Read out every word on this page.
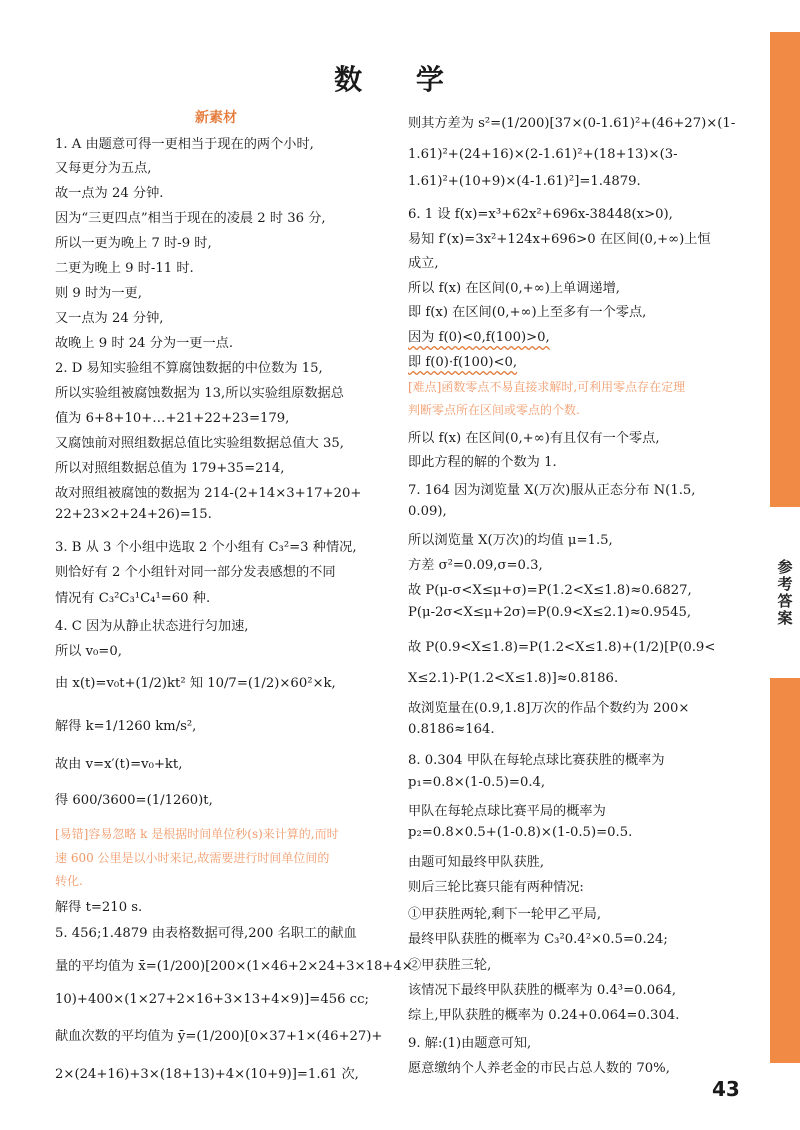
参考答案
数 学
新素材
1. A 由题意可得一更相当于现在的两个小时,
又每更分为五点,
故一点为 24 分钟.
因为“三更四点”相当于现在的凌晨 2 时 36 分,
所以一更为晚上 7 时-9 时,
二更为晚上 9 时-11 时.
则 9 时为一更,
又一点为 24 分钟,
故晚上 9 时 24 分为一更一点.
2. D 易知实验组不算腐蚀数据的中位数为 15,
所以实验组被腐蚀数据为 13,所以实验组原数据总
值为 6+8+10+…+21+22+23=179,
又腐蚀前对照组数据总值比实验组数据总值大 35,
所以对照组数据总值为 179+35=214,
故对照组被腐蚀的数据为 214-(2+14×3+17+20+
22+23×2+24+26)=15.
3. B 从 3 个小组中选取 2 个小组有 C₃²=3 种情况,
则恰好有 2 个小组针对同一部分发表感想的不同
情况有 C₃²C₃¹C₄¹=60 种.
4. C 因为从静止状态进行匀加速,
所以 v₀=0,
由 x(t)=v₀t+(1/2)kt² 知 10/7=(1/2)×60²×k,
解得 k=1/1260 km/s²,
故由 v=x′(t)=v₀+kt,
得 600/3600=(1/1260)t,
[易错]容易忽略 k 是根据时间单位秒(s)来计算的,而时
速 600 公里是以小时来记,故需要进行时间单位间的
转化.
解得 t=210 s.
5. 456;1.4879 由表格数据可得,200 名职工的献血
量的平均值为 x̄=(1/200)[200×(1×46+2×24+3×18+4×
10)+400×(1×27+2×16+3×13+4×9)]=456 cc;
献血次数的平均值为 ȳ=(1/200)[0×37+1×(46+27)+
2×(24+16)+3×(18+13)+4×(10+9)]=1.61 次,
则其方差为 s²=(1/200)[37×(0-1.61)²+(46+27)×(1-
1.61)²+(24+16)×(2-1.61)²+(18+13)×(3-
1.61)²+(10+9)×(4-1.61)²]=1.4879.
6. 1 设 f(x)=x³+62x²+696x-38448(x>0),
易知 f′(x)=3x²+124x+696>0 在区间(0,+∞)上恒
成立,
所以 f(x) 在区间(0,+∞)上单调递增,
即 f(x) 在区间(0,+∞)上至多有一个零点,
因为 f(0)<0,f(100)>0,
即 f(0)·f(100)<0,
[难点]函数零点不易直接求解时,可利用零点存在定理
判断零点所在区间或零点的个数.
所以 f(x) 在区间(0,+∞)有且仅有一个零点,
即此方程的解的个数为 1.
7. 164 因为浏览量 X(万次)服从正态分布 N(1.5,
0.09),
所以浏览量 X(万次)的均值 μ=1.5,
方差 σ²=0.09,σ=0.3,
故 P(μ-σ<X≤μ+σ)=P(1.2<X≤1.8)≈0.6827,
P(μ-2σ<X≤μ+2σ)=P(0.9<X≤2.1)≈0.9545,
故 P(0.9<X≤1.8)=P(1.2<X≤1.8)+(1/2)[P(0.9<
X≤2.1)-P(1.2<X≤1.8)]≈0.8186.
故浏览量在(0.9,1.8]万次的作品个数约为 200×
0.8186≈164.
8. 0.304 甲队在每轮点球比赛获胜的概率为
p₁=0.8×(1-0.5)=0.4,
甲队在每轮点球比赛平局的概率为
p₂=0.8×0.5+(1-0.8)×(1-0.5)=0.5.
由题可知最终甲队获胜,
则后三轮比赛只能有两种情况:
①甲获胜两轮,剩下一轮甲乙平局,
最终甲队获胜的概率为 C₃²0.4²×0.5=0.24;
②甲获胜三轮,
该情况下最终甲队获胜的概率为 0.4³=0.064,
综上,甲队获胜的概率为 0.24+0.064=0.304.
9. 解:(1)由题意可知,
愿意缴纳个人养老金的市民占总人数的 70%,
43
